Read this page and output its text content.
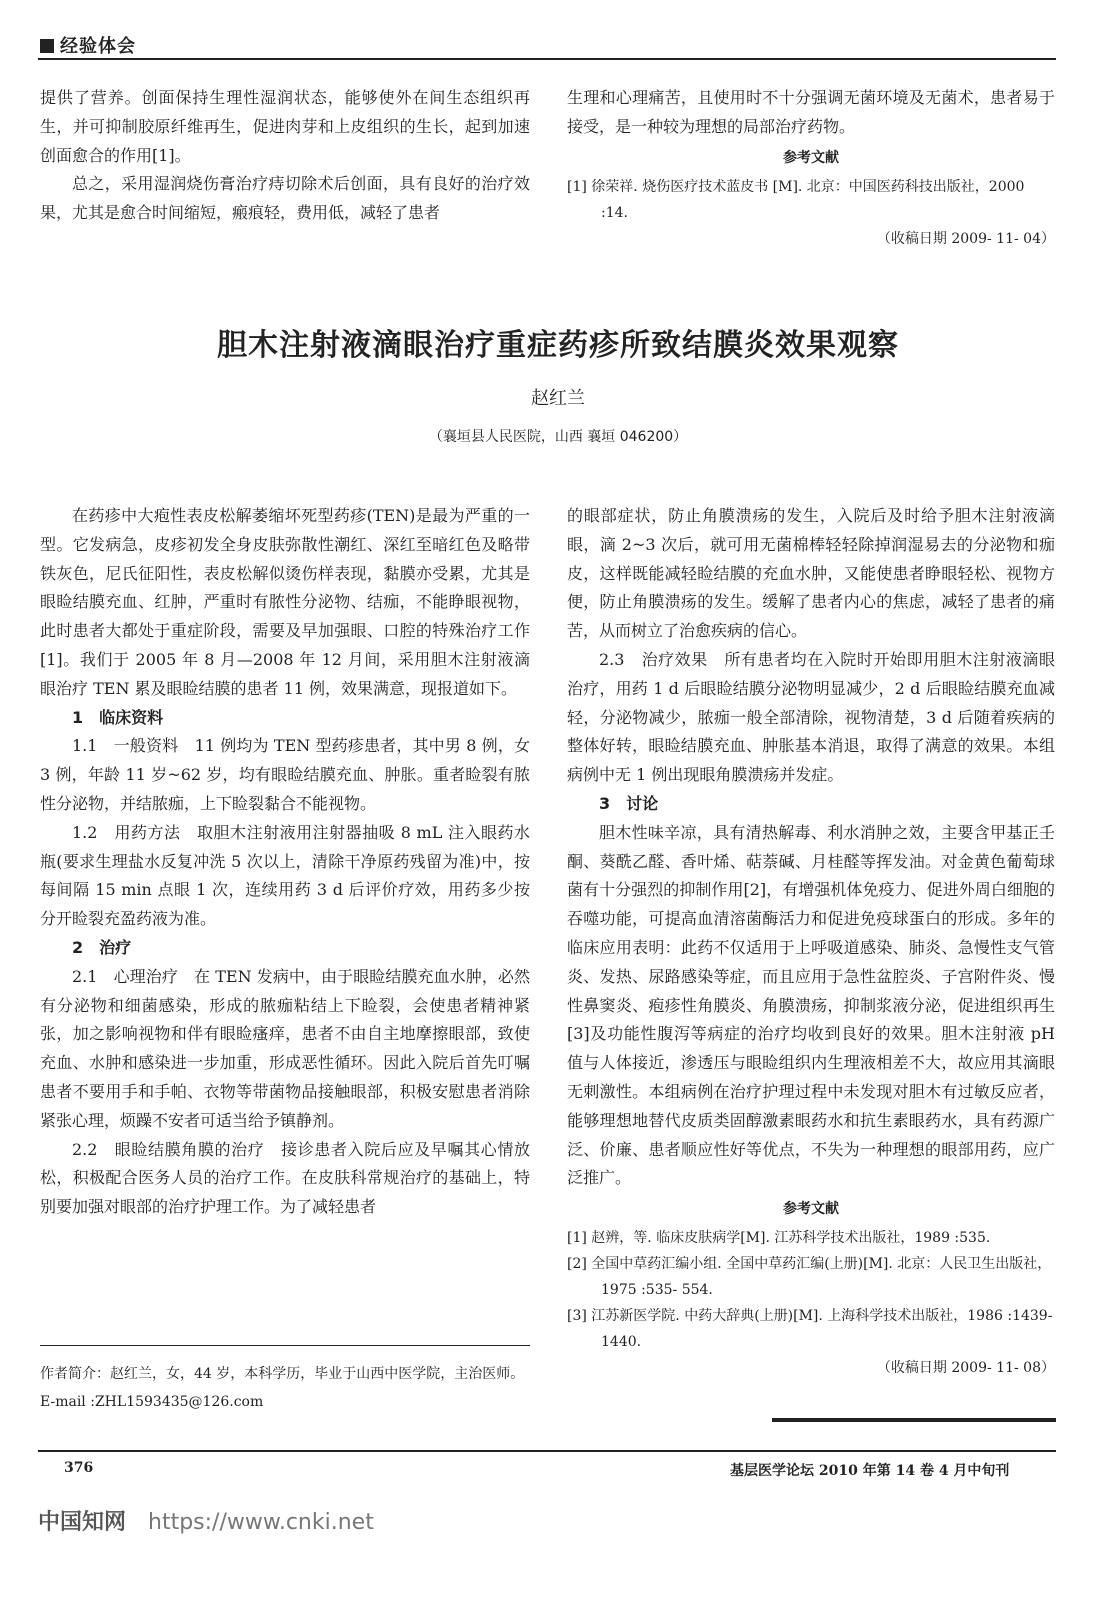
经验体会

提供了营养。创面保持生理性湿润状态，能够使外在间生态组织再生，并可抑制胶原纤维再生，促进肉芽和上皮组织的生长，起到加速创面愈合的作用[1]。

总之，采用湿润烧伤膏治疗痔切除术后创面，具有良好的治疗效果，尤其是愈合时间缩短，瘢痕轻，费用低，减轻了患者

生理和心理痛苦，且使用时不十分强调无菌环境及无菌术，患者易于接受，是一种较为理想的局部治疗药物。

参考文献
[1] 徐荣祥. 烧伤医疗技术蓝皮书 [M]. 北京：中国医药科技出版社，2000 :14.
（收稿日期 2009- 11- 04）
胆木注射液滴眼治疗重症药疹所致结膜炎效果观察
赵红兰
（襄垣县人民医院，山西 襄垣 046200）

在药疹中大疱性表皮松解萎缩坏死型药疹(TEN)是最为严重的一型。它发病急，皮疹初发全身皮肤弥散性潮红、深红至暗红色及略带铁灰色，尼氏征阳性，表皮松解似烫伤样表现，黏膜亦受累，尤其是眼睑结膜充血、红肿，严重时有脓性分泌物、结痂，不能睁眼视物，此时患者大都处于重症阶段，需要及早加强眼、口腔的特殊治疗工作[1]。我们于 2005 年 8 月—2008 年 12 月间，采用胆木注射液滴眼治疗 TEN 累及眼睑结膜的患者 11 例，效果满意，现报道如下。

1　临床资料

1.1　一般资料　11 例均为 TEN 型药疹患者，其中男 8 例，女 3 例，年龄 11 岁~62 岁，均有眼睑结膜充血、肿胀。重者睑裂有脓性分泌物，并结脓痂，上下睑裂黏合不能视物。

1.2　用药方法　取胆木注射液用注射器抽吸 8 mL 注入眼药水瓶(要求生理盐水反复冲洗 5 次以上，清除干净原药残留为准)中，按每间隔 15 min 点眼 1 次，连续用药 3 d 后评价疗效，用药多少按分开睑裂充盈药液为准。

2　治疗

2.1　心理治疗　在 TEN 发病中，由于眼睑结膜充血水肿，必然有分泌物和细菌感染，形成的脓痂粘结上下睑裂，会使患者精神紧张，加之影响视物和伴有眼睑瘙痒，患者不由自主地摩擦眼部，致使充血、水肿和感染进一步加重，形成恶性循环。因此入院后首先叮嘱患者不要用手和手帕、衣物等带菌物品接触眼部，积极安慰患者消除紧张心理，烦躁不安者可适当给予镇静剂。

2.2　眼睑结膜角膜的治疗　接诊患者入院后应及早嘱其心情放松，积极配合医务人员的治疗工作。在皮肤科常规治疗的基础上，特别要加强对眼部的治疗护理工作。为了减轻患者

作者简介：赵红兰，女，44 岁，本科学历，毕业于山西中医学院，主治医师。E-mail :ZHL1593435@126.com

的眼部症状，防止角膜溃疡的发生，入院后及时给予胆木注射液滴眼，滴 2~3 次后，就可用无菌棉棒轻轻除掉润湿易去的分泌物和痂皮，这样既能减轻睑结膜的充血水肿，又能使患者睁眼轻松、视物方便，防止角膜溃疡的发生。缓解了患者内心的焦虑，减轻了患者的痛苦，从而树立了治愈疾病的信心。

2.3　治疗效果　所有患者均在入院时开始即用胆木注射液滴眼治疗，用药 1 d 后眼睑结膜分泌物明显减少，2 d 后眼睑结膜充血减轻，分泌物减少，脓痂一般全部清除，视物清楚，3 d 后随着疾病的整体好转，眼睑结膜充血、肿胀基本消退，取得了满意的效果。本组病例中无 1 例出现眼角膜溃疡并发症。

3　讨论

胆木性味辛凉，具有清热解毒、利水消肿之效，主要含甲基正壬酮、葵酰乙醛、香叶烯、萜萘碱、月桂醛等挥发油。对金黄色葡萄球菌有十分强烈的抑制作用[2]，有增强机体免疫力、促进外周白细胞的吞噬功能，可提高血清溶菌酶活力和促进免疫球蛋白的形成。多年的临床应用表明：此药不仅适用于上呼吸道感染、肺炎、急慢性支气管炎、发热、尿路感染等症，而且应用于急性盆腔炎、子宫附件炎、慢性鼻窦炎、疱疹性角膜炎、角膜溃疡，抑制浆液分泌，促进组织再生[3]及功能性腹泻等病症的治疗均收到良好的效果。胆木注射液 pH 值与人体接近，渗透压与眼睑组织内生理液相差不大，故应用其滴眼无刺激性。本组病例在治疗护理过程中未发现对胆木有过敏反应者，能够理想地替代皮质类固醇激素眼药水和抗生素眼药水，具有药源广泛、价廉、患者顺应性好等优点，不失为一种理想的眼部用药，应广泛推广。

参考文献
[1] 赵辨，等. 临床皮肤病学[M]. 江苏科学技术出版社，1989 :535.
[2] 全国中草药汇编小组. 全国中草药汇编(上册)[M]. 北京：人民卫生出版社，1975 :535- 554.
[3] 江苏新医学院. 中药大辞典(上册)[M]. 上海科学技术出版社，1986 :1439- 1440.
（收稿日期 2009- 11- 08）
376	基层医学论坛 2010 年第 14 卷 4 月中旬刊
中国知网 https://www.cnki.net
